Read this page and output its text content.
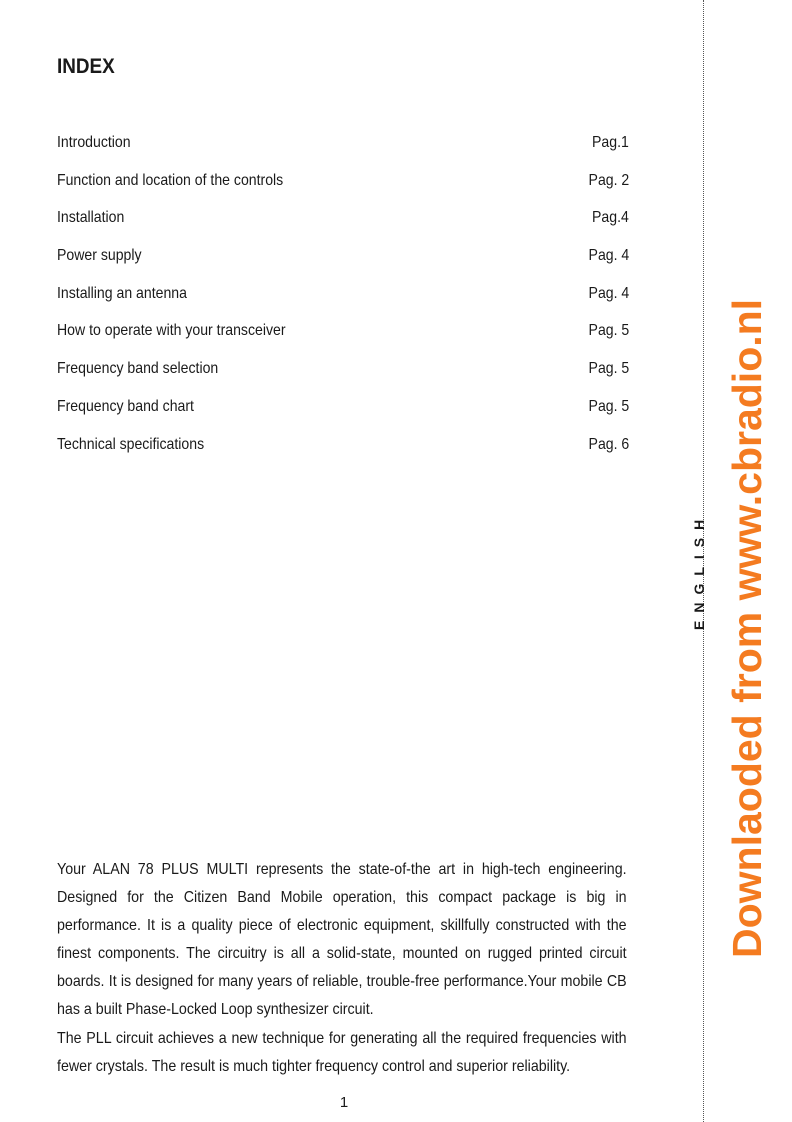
INDEX
Introduction	Pag.1
Function and location of the controls	Pag. 2
Installation	Pag.4
Power supply	Pag. 4
Installing an antenna	Pag. 4
How to operate with your transceiver	Pag. 5
Frequency band selection	Pag. 5
Frequency band chart	Pag. 5
Technical specifications	Pag. 6

Your ALAN 78 PLUS MULTI represents the state-of-the art in high-tech engineering. Designed for the Citizen Band Mobile operation, this compact package is big in performance. It is a quality piece of electronic equipment, skillfully constructed with the finest components. The circuitry is all a solid-state, mounted on rugged printed circuit boards. It is designed for many years of reliable, trouble-free performance.Your mobile CB has a built Phase-Locked Loop synthesizer circuit.

The PLL circuit achieves a new technique for generating all the required frequencies with fewer crystals. The result is much tighter frequency control and superior reliability.

1
ENGLISH Downlaoded from www.cbradio.nl
